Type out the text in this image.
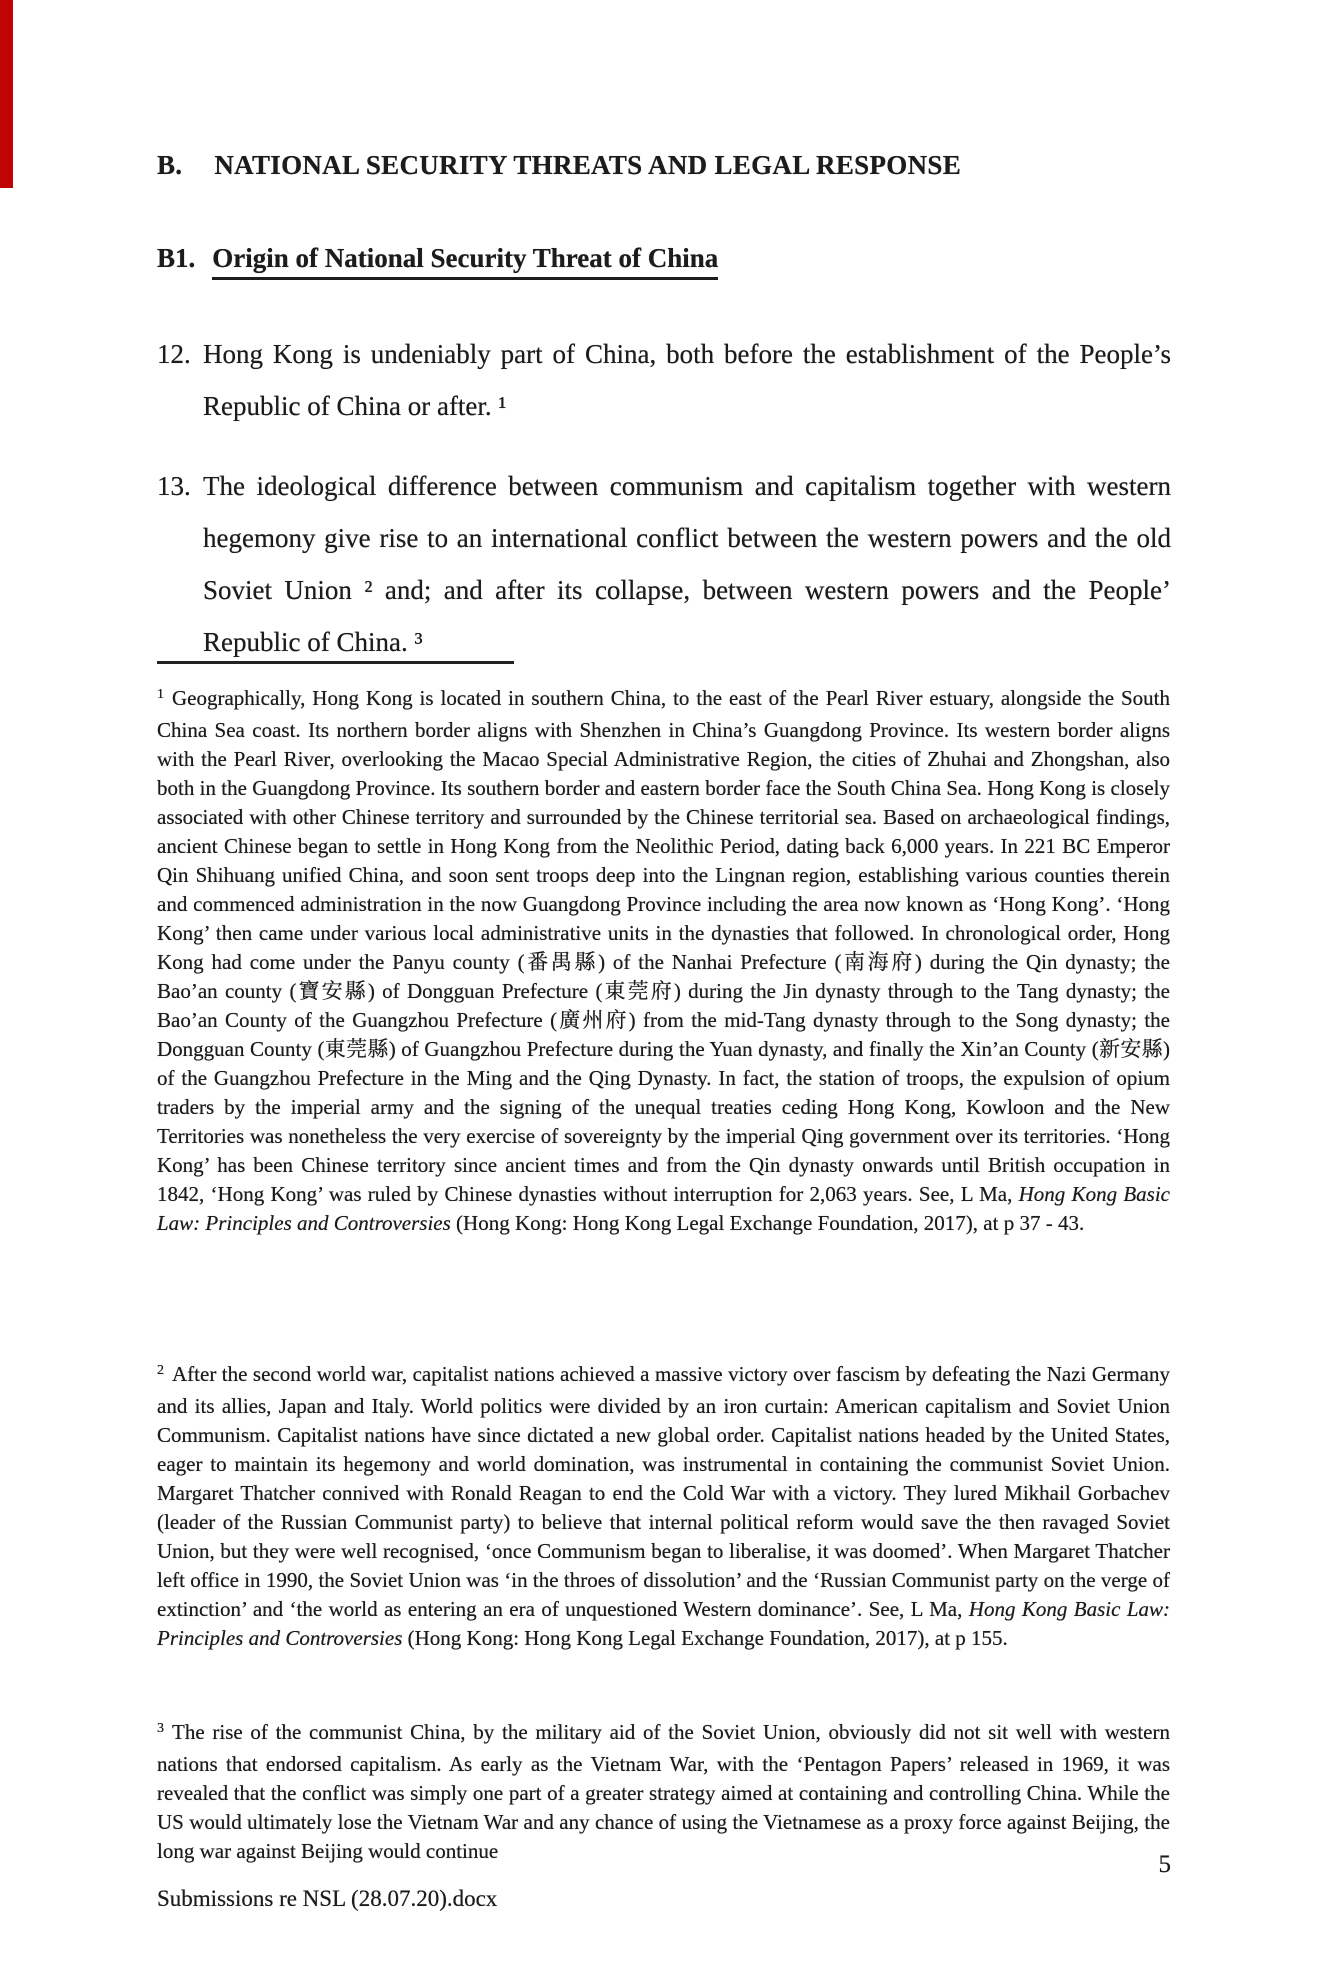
B. NATIONAL SECURITY THREATS AND LEGAL RESPONSE
B1. Origin of National Security Threat of China
12. Hong Kong is undeniably part of China, both before the establishment of the People’s Republic of China or after. ¹
13. The ideological difference between communism and capitalism together with western hegemony give rise to an international conflict between the western powers and the old Soviet Union ² and; and after its collapse, between western powers and the People’ Republic of China. ³
1 Geographically, Hong Kong is located in southern China, to the east of the Pearl River estuary, alongside the South China Sea coast. Its northern border aligns with Shenzhen in China’s Guangdong Province. Its western border aligns with the Pearl River, overlooking the Macao Special Administrative Region, the cities of Zhuhai and Zhongshan, also both in the Guangdong Province. Its southern border and eastern border face the South China Sea. Hong Kong is closely associated with other Chinese territory and surrounded by the Chinese territorial sea. Based on archaeological findings, ancient Chinese began to settle in Hong Kong from the Neolithic Period, dating back 6,000 years. In 221 BC Emperor Qin Shihuang unified China, and soon sent troops deep into the Lingnan region, establishing various counties therein and commenced administration in the now Guangdong Province including the area now known as ‘Hong Kong’. ‘Hong Kong’ then came under various local administrative units in the dynasties that followed. In chronological order, Hong Kong had come under the Panyu county (番禺縣) of the Nanhai Prefecture (南海府) during the Qin dynasty; the Bao’an county (寶安縣) of Dongguan Prefecture (東莞府) during the Jin dynasty through to the Tang dynasty; the Bao’an County of the Guangzhou Prefecture (廣州府) from the mid-Tang dynasty through to the Song dynasty; the Dongguan County (東莞縣) of Guangzhou Prefecture during the Yuan dynasty, and finally the Xin’an County (新安縣) of the Guangzhou Prefecture in the Ming and the Qing Dynasty. In fact, the station of troops, the expulsion of opium traders by the imperial army and the signing of the unequal treaties ceding Hong Kong, Kowloon and the New Territories was nonetheless the very exercise of sovereignty by the imperial Qing government over its territories. ‘Hong Kong’ has been Chinese territory since ancient times and from the Qin dynasty onwards until British occupation in 1842, ‘Hong Kong’ was ruled by Chinese dynasties without interruption for 2,063 years. See, L Ma, Hong Kong Basic Law: Principles and Controversies (Hong Kong: Hong Kong Legal Exchange Foundation, 2017), at p 37 - 43.
2 After the second world war, capitalist nations achieved a massive victory over fascism by defeating the Nazi Germany and its allies, Japan and Italy. World politics were divided by an iron curtain: American capitalism and Soviet Union Communism. Capitalist nations have since dictated a new global order. Capitalist nations headed by the United States, eager to maintain its hegemony and world domination, was instrumental in containing the communist Soviet Union. Margaret Thatcher connived with Ronald Reagan to end the Cold War with a victory. They lured Mikhail Gorbachev (leader of the Russian Communist party) to believe that internal political reform would save the then ravaged Soviet Union, but they were well recognised, ‘once Communism began to liberalise, it was doomed’. When Margaret Thatcher left office in 1990, the Soviet Union was ‘in the throes of dissolution’ and the ‘Russian Communist party on the verge of extinction’ and ‘the world as entering an era of unquestioned Western dominance’. See, L Ma, Hong Kong Basic Law: Principles and Controversies (Hong Kong: Hong Kong Legal Exchange Foundation, 2017), at p 155.
3 The rise of the communist China, by the military aid of the Soviet Union, obviously did not sit well with western nations that endorsed capitalism. As early as the Vietnam War, with the ‘Pentagon Papers’ released in 1969, it was revealed that the conflict was simply one part of a greater strategy aimed at containing and controlling China. While the US would ultimately lose the Vietnam War and any chance of using the Vietnamese as a proxy force against Beijing, the long war against Beijing would continue	5
Submissions re NSL (28.07.20).docx
